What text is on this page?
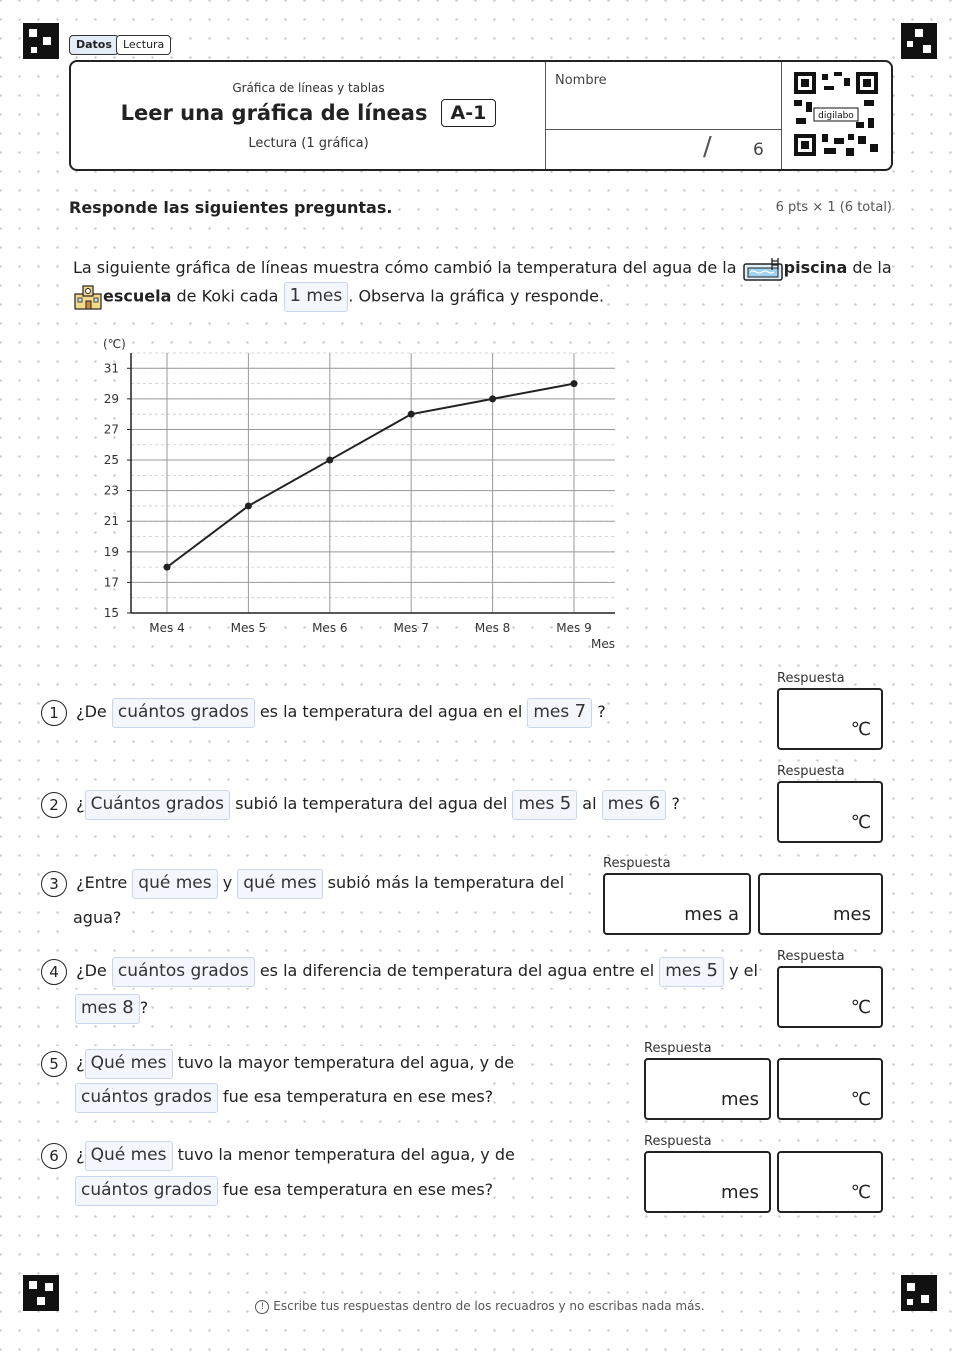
Datos	Lectura
Gráfica de líneas y tablas
Leer una gráfica de líneas A-1
Lectura (1 gráfica)
Nombre
/ 6
digilabo
Responde las siguientes preguntas.	6 pts × 1 (6 total)
La siguiente gráfica de líneas muestra cómo cambió la temperatura del agua de la	piscina de la
escuela de Koki cada 1 mes . Observa la gráfica y responde.
15
17
19
21
23
25
27
29
31
Mes 4	Mes 5	Mes 6	Mes 7	Mes 8	Mes 9
(℃)
Mes
1 ¿De cuántos grados es la temperatura del agua en el mes 7 ?
Respuesta
℃
2 ¿ Cuántos grados subió la temperatura del agua del mes 5 al mes 6 ?
Respuesta
℃
3 ¿Entre qué mes y qué mes subió más la temperatura del
agua?
Respuesta
mes a	mes
4 ¿De cuántos grados es la diferencia de temperatura del agua entre el mes 5 y el
mes 8 ?
Respuesta
℃
5 ¿ Qué mes tuvo la mayor temperatura del agua, y de
cuántos grados fue esa temperatura en ese mes?
Respuesta
mes	℃
6 ¿ Qué mes tuvo la menor temperatura del agua, y de
cuántos grados fue esa temperatura en ese mes?
Respuesta
mes	℃
! Escribe tus respuestas dentro de los recuadros y no escribas nada más.
